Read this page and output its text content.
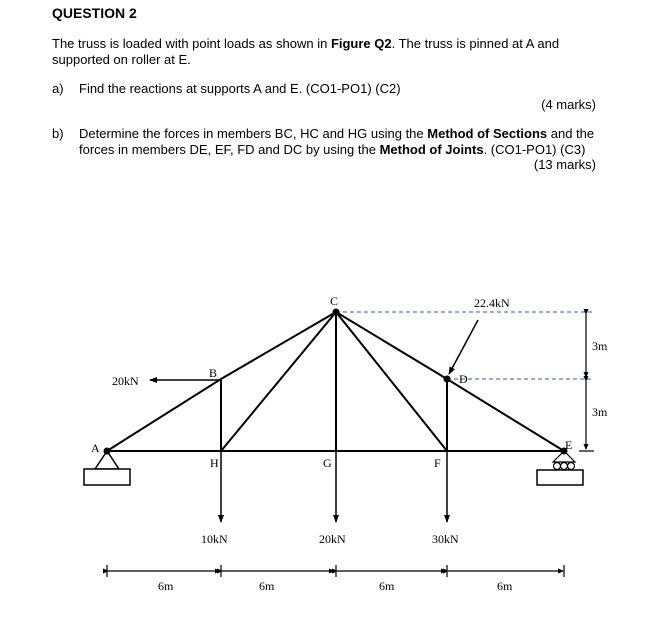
QUESTION 2
The truss is loaded with point loads as shown in Figure Q2. The truss is pinned at A and supported on roller at E.
a) Find the reactions at supports A and E. (CO1-PO1) (C2)
(4 marks)
b) Determine the forces in members BC, HC and HG using the Method of Sections and the forces in members DE, EF, FD and DC by using the Method of Joints. (CO1-PO1) (C3)
(13 marks)
A
B
C
D
E
H	G	F
20kN
22.4kN
10kN	20kN	30kN
6m	6m	6m	6m
3m
3m
